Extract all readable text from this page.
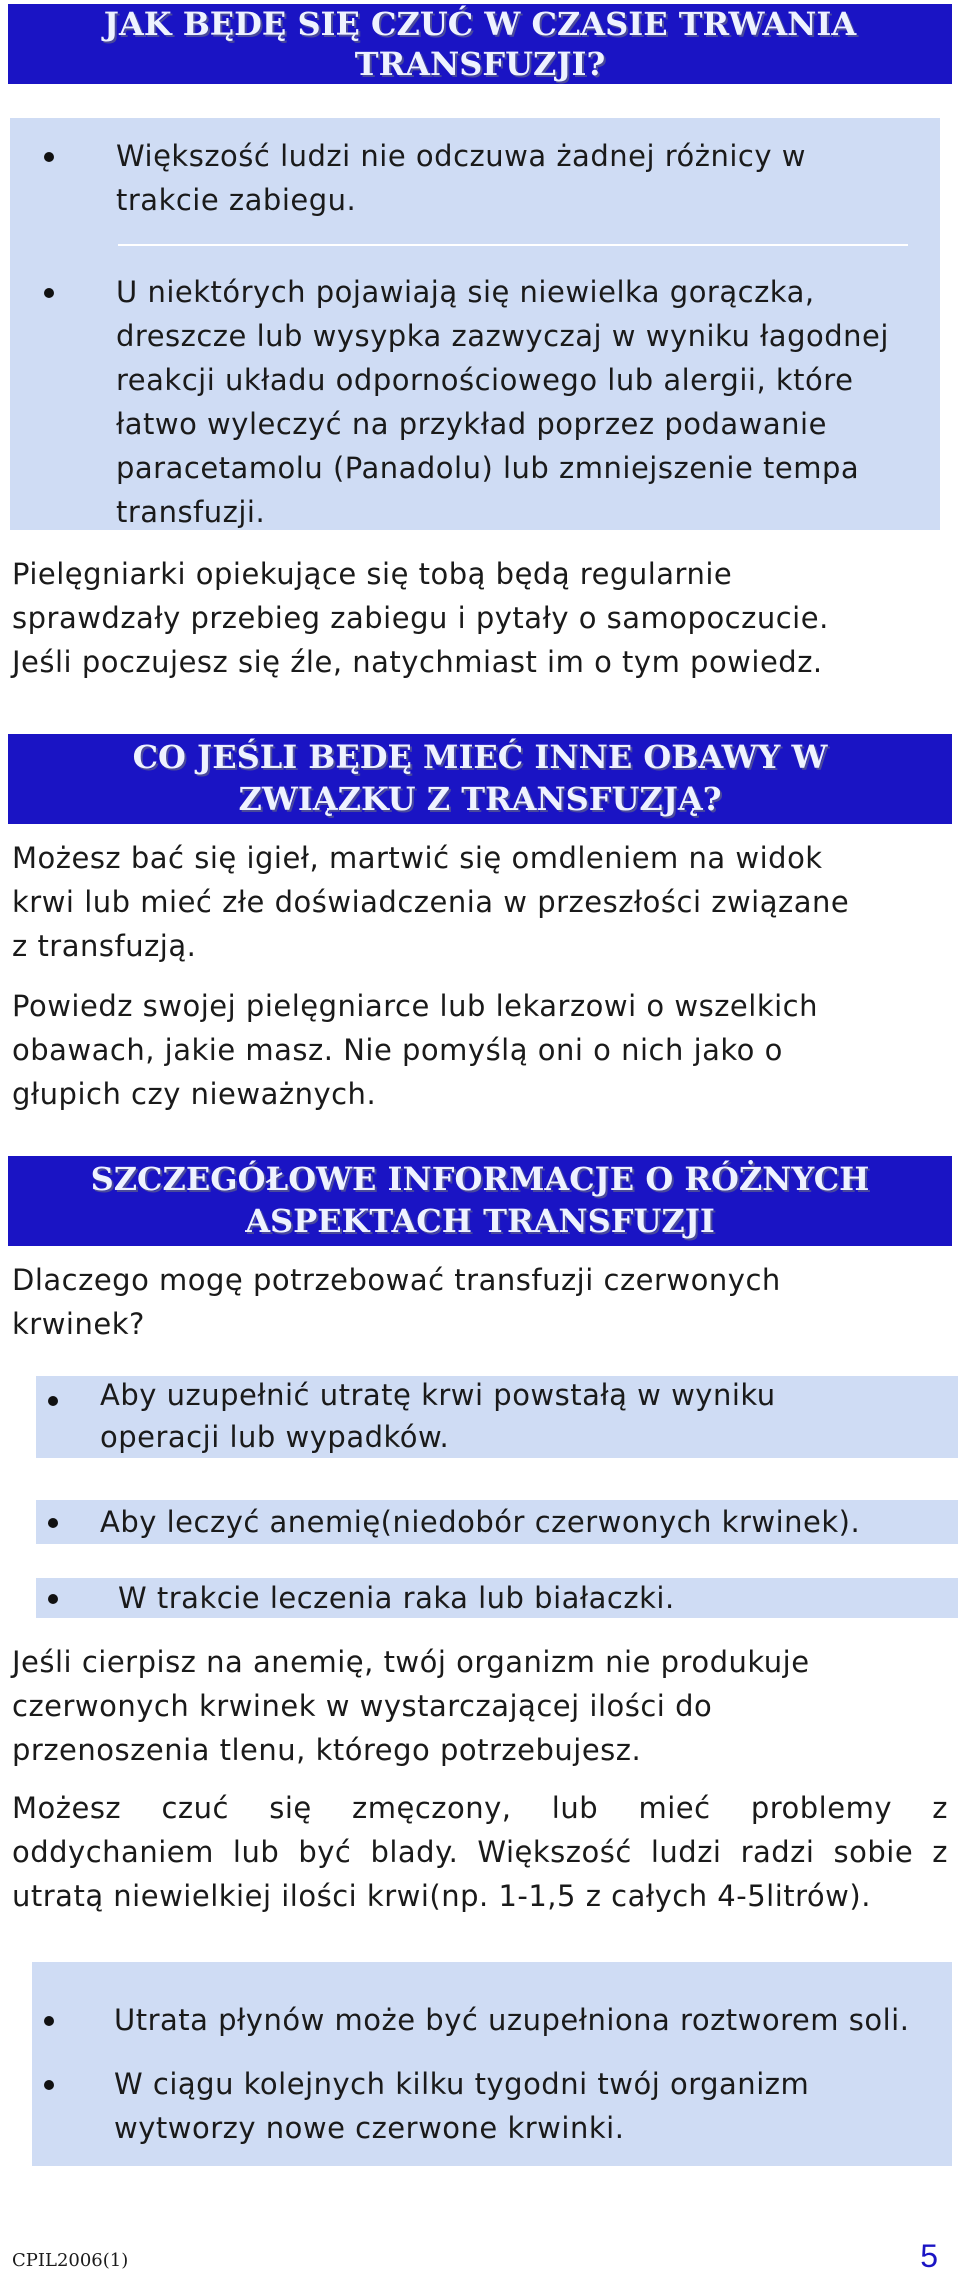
JAK BĘDĘ SIĘ CZUĆ W CZASIE TRWANIA
TRANSFUZJI?
Większość ludzi nie odczuwa żadnej różnicy w
trakcie zabiegu.
U niektórych pojawiają się niewielka gorączka,
dreszcze lub wysypka zazwyczaj w wyniku łagodnej
reakcji układu odpornościowego lub alergii, które
łatwo wyleczyć na przykład poprzez podawanie
paracetamolu (Panadolu) lub zmniejszenie tempa
transfuzji.
Pielęgniarki opiekujące się tobą będą regularnie
sprawdzały przebieg zabiegu i pytały o samopoczucie.
Jeśli poczujesz się źle, natychmiast im o tym powiedz.
CO JEŚLI BĘDĘ MIEĆ INNE OBAWY W
ZWIĄZKU Z TRANSFUZJĄ?
Możesz bać się igieł, martwić się omdleniem na widok
krwi lub mieć złe doświadczenia w przeszłości związane
z transfuzją.
Powiedz swojej pielęgniarce lub lekarzowi o wszelkich
obawach, jakie masz. Nie pomyślą oni o nich jako o
głupich czy nieważnych.
SZCZEGÓŁOWE INFORMACJE O RÓŻNYCH
ASPEKTACH TRANSFUZJI
Dlaczego mogę potrzebować transfuzji czerwonych
krwinek?
Aby uzupełnić utratę krwi powstałą w wyniku
operacji lub wypadków.
Aby leczyć anemię(niedobór czerwonych krwinek).
W trakcie leczenia raka lub białaczki.
Jeśli cierpisz na anemię, twój organizm nie produkuje
czerwonych krwinek w wystarczającej ilości do
przenoszenia tlenu, którego potrzebujesz.
Możesz czuć się zmęczony, lub mieć problemy z
oddychaniem lub być blady. Większość ludzi radzi sobie z
utratą niewielkiej ilości krwi(np. 1-1,5 z całych 4-5litrów).
Utrata płynów może być uzupełniona roztworem soli.
W ciągu kolejnych kilku tygodni twój organizm
wytworzy nowe czerwone krwinki.
CPIL2006(1)	5
